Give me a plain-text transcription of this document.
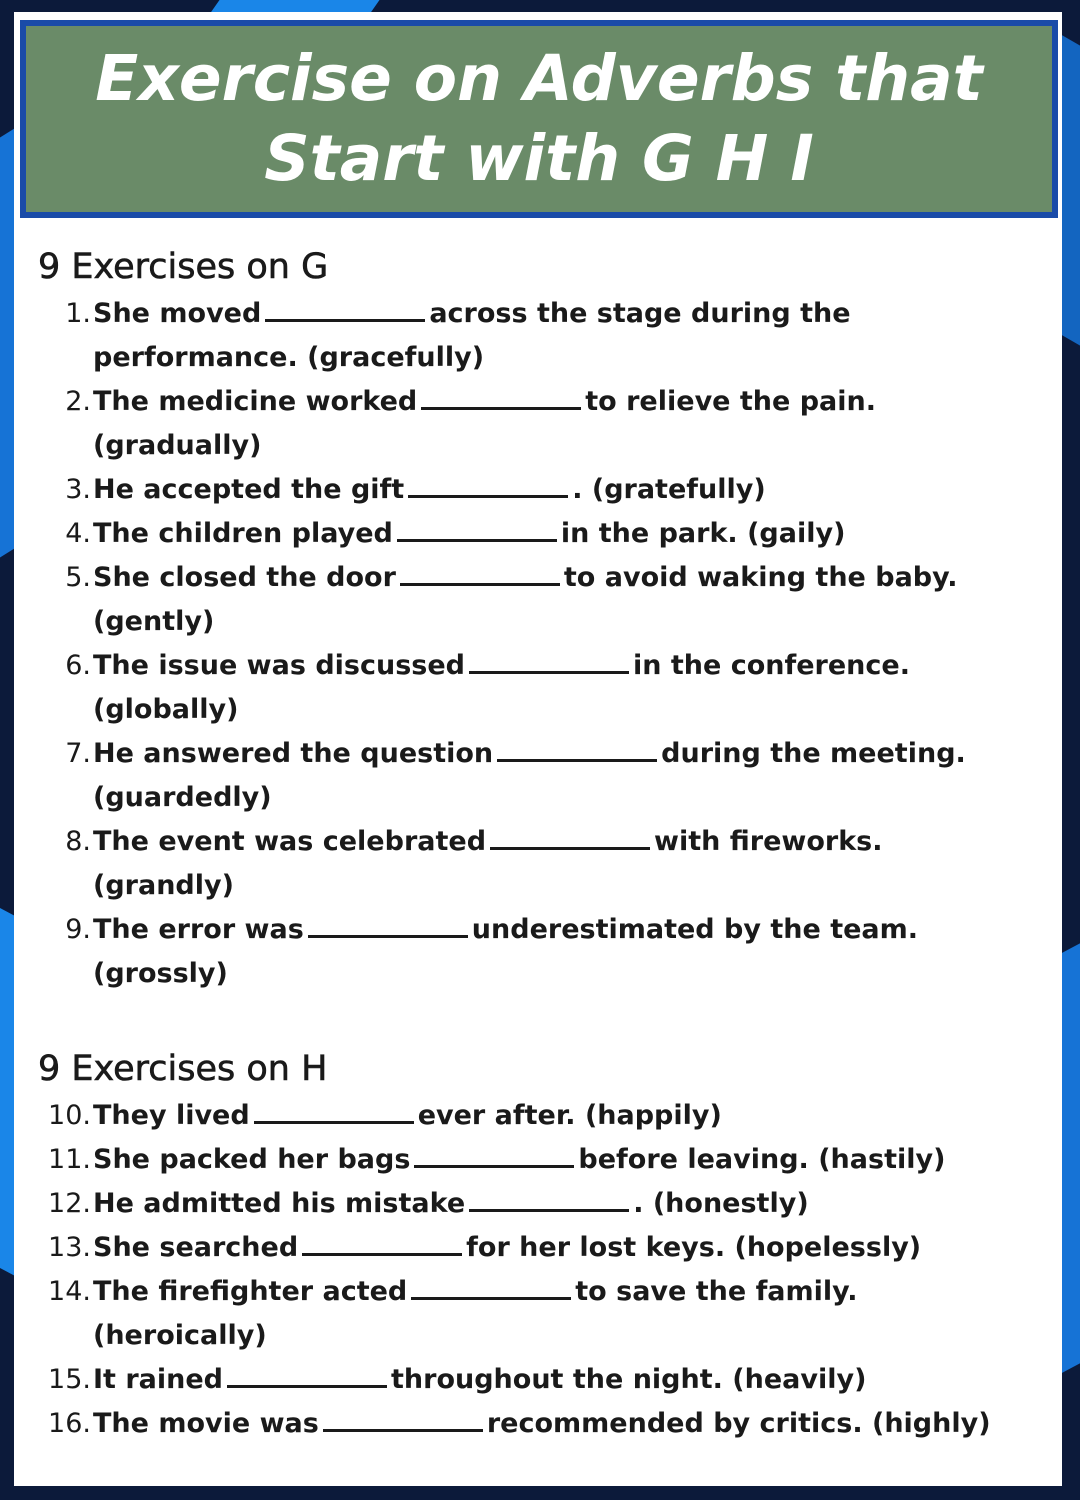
Exercise on Adverbs that Start with G H I
9 Exercises on G
1. She moved	across the stage during the performance. (gracefully)
2. The medicine worked	to relieve the pain. (gradually)
3. He accepted the gift	. (gratefully)
4. The children played	in the park. (gaily)
5. She closed the door	to avoid waking the baby. (gently)
6. The issue was discussed	in the conference. (globally)
7. He answered the question	during the meeting. (guardedly)
8. The event was celebrated	with fireworks. (grandly)
9. The error was	underestimated by the team. (grossly)
9 Exercises on H
10. They lived	ever after. (happily)
11. She packed her bags	before leaving. (hastily)
12. He admitted his mistake	. (honestly)
13. She searched	for her lost keys. (hopelessly)
14. The firefighter acted	to save the family. (heroically)
15. It rained	throughout the night. (heavily)
16. The movie was	recommended by critics. (highly)
